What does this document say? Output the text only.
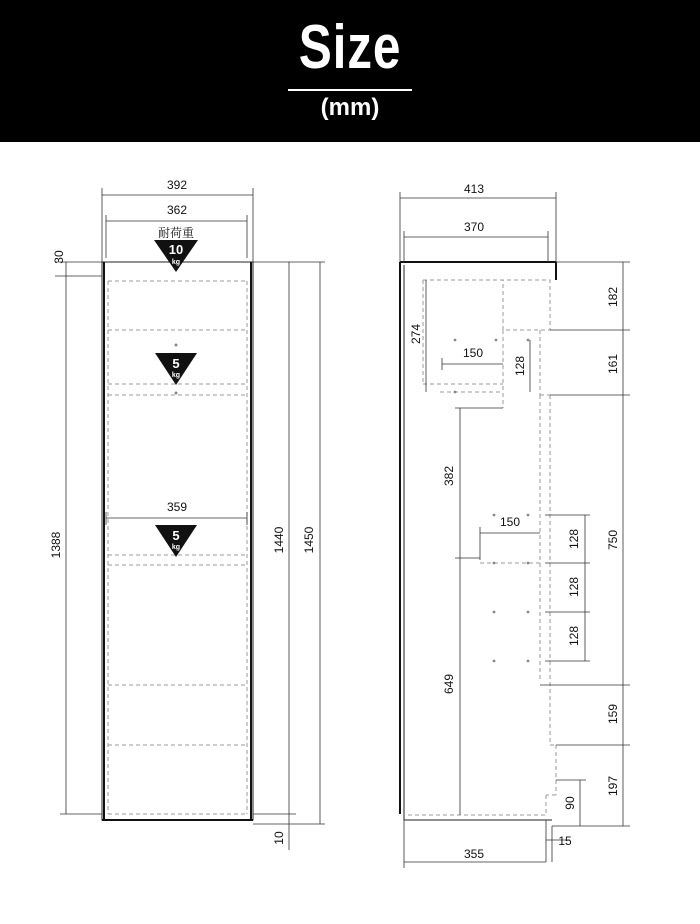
Size
(mm)
392
362
耐荷重
10
kg
5
kg
359
5
kg
30
1388	1440 1450
10
413
370
274
150
128
182
161
382
150
128
128
128
750
649
159
197
90
15
355
